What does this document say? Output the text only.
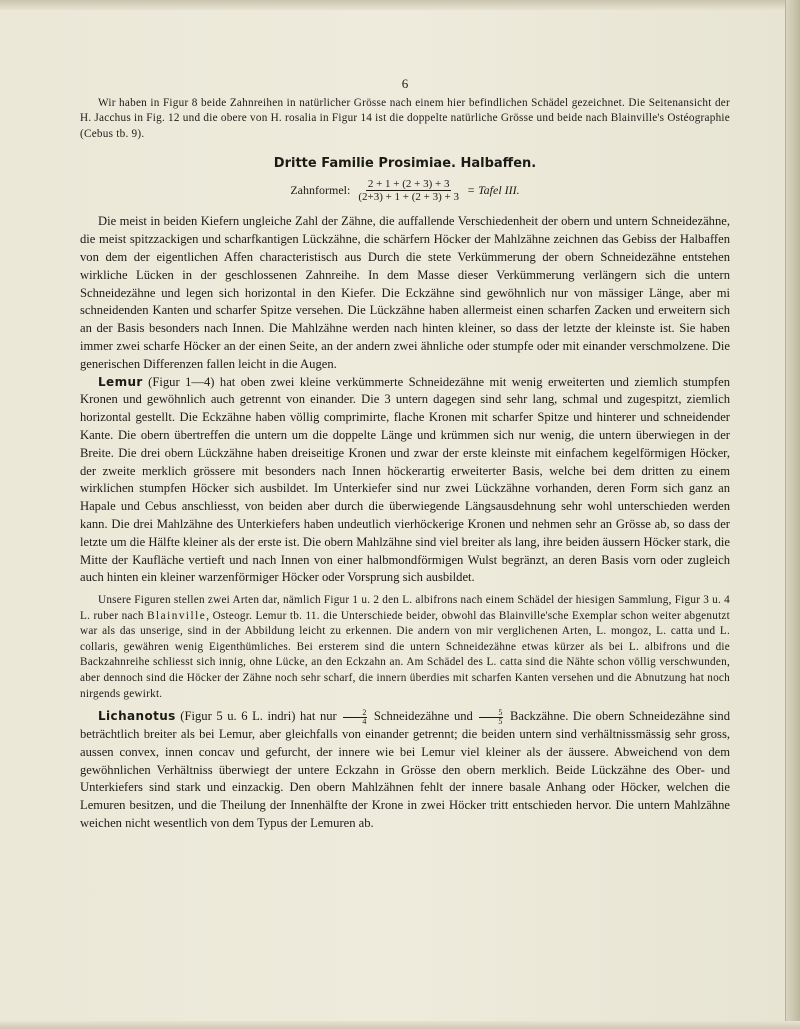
6

Wir haben in Figur 8 beide Zahnreihen in natürlicher Grösse nach einem hier befindlichen Schädel gezeichnet. Die Seitenansicht der H. Jacchus in Fig. 12 und die obere von H. rosalia in Figur 14 ist die doppelte natürliche Grösse und beide nach Blainville's Ostéographie (Cebus tb. 9).

Dritte Familie Prosimiae. Halbaffen.
Zahnformel: $\frac{2 + 1 + (2 + 3) + 3}{(2+3) + 1 + (2 + 3) + 3}$ = Tafel III.

Die meist in beiden Kiefern ungleiche Zahl der Zähne, die auffallende Verschiedenheit der obern und untern Schneidezähne, die meist spitzzackigen und scharfkantigen Lückzähne, die schärfern Höcker der Mahlzähne zeichnen das Gebiss der Halbaffen von dem der eigentlichen Affen characteristisch aus Durch die stete Verkümmerung der obern Schneidezähne entstehen wirkliche Lücken in der geschlossenen Zahnreihe. In dem Masse dieser Verkümmerung verlängern sich die untern Schneidezähne und legen sich horizontal in den Kiefer. Die Eckzähne sind gewöhnlich nur von mässiger Länge, aber mi schneidenden Kanten und scharfer Spitze versehen. Die Lückzähne haben allermeist einen scharfen Zacken und erweitern sich an der Basis besonders nach Innen. Die Mahlzähne werden nach hinten kleiner, so dass der letzte der kleinste ist. Sie haben immer zwei scharfe Höcker an der einen Seite, an der andern zwei ähnliche oder stumpfe oder mit einander verschmolzene. Die generischen Differenzen fallen leicht in die Augen.

Lemur (Figur 1—4) hat oben zwei kleine verkümmerte Schneidezähne mit wenig erweiterten und ziemlich stumpfen Kronen und gewöhnlich auch getrennt von einander. Die 3 untern dagegen sind sehr lang, schmal und zugespitzt, ziemlich horizontal gestellt. Die Eckzähne haben völlig comprimirte, flache Kronen mit scharfer Spitze und hinterer und schneidender Kante. Die obern übertreffen die untern um die doppelte Länge und krümmen sich nur wenig, die untern überwiegen in der Breite. Die drei obern Lückzähne haben dreiseitige Kronen und zwar der erste kleinste mit einfachem kegelförmigen Höcker, der zweite merklich grössere mit besonders nach Innen höckerartig erweiterter Basis, welche bei dem dritten zu einem wirklichen stumpfen Höcker sich ausbildet. Im Unterkiefer sind nur zwei Lückzähne vorhanden, deren Form sich ganz an Hapale und Cebus anschliesst, von beiden aber durch die überwiegende Längsausdehnung sehr wohl unterschieden werden kann. Die drei Mahlzähne des Unterkiefers haben undeutlich vierhöckerige Kronen und nehmen sehr an Grösse ab, so dass der letzte um die Hälfte kleiner als der erste ist. Die obern Mahlzähne sind viel breiter als lang, ihre beiden äussern Höcker stark, die Mitte der Kaufläche vertieft und nach Innen von einer halbmondförmigen Wulst begränzt, an deren Basis vorn oder zugleich auch hinten ein kleiner warzenförmiger Höcker oder Vorsprung sich ausbildet.

Unsere Figuren stellen zwei Arten dar, nämlich Figur 1 u. 2 den L. albifrons nach einem Schädel der hiesigen Sammlung, Figur 3 u. 4 L. ruber nach Blainville, Osteogr. Lemur tb. 11. die Unterschiede beider, obwohl das Blainville'sche Exemplar schon weiter abgenutzt war als das unserige, sind in der Abbildung leicht zu erkennen. Die andern von mir verglichenen Arten, L. mongoz, L. catta und L. collaris, gewähren wenig Eigenthümliches. Bei ersterem sind die untern Schneidezähne etwas kürzer als bei L. albifrons und die Backzahnreihe schliesst sich innig, ohne Lücke, an den Eckzahn an. Am Schädel des L. catta sind die Nähte schon völlig verschwunden, aber dennoch sind die Höcker der Zähne noch sehr scharf, die innern überdies mit scharfen Kanten versehen und die Abnutzung hat noch nirgends gewirkt.

Lichanotus (Figur 5 u. 6 L. indri) hat nur $\frac{2}{4}$ Schneidezähne und $\frac{5}{5}$ Backzähne. Die obern Schneidezähne sind beträchtlich breiter als bei Lemur, aber gleichfalls von einander getrennt; die beiden untern sind verhältnissmässig sehr gross, aussen convex, innen concav und gefurcht, der innere wie bei Lemur viel kleiner als der äussere. Abweichend von dem gewöhnlichen Verhältniss überwiegt der untere Eckzahn in Grösse den obern merklich. Beide Lückzähne des Ober- und Unterkiefers sind stark und einzackig. Den obern Mahlzähnen fehlt der innere basale Anhang oder Höcker, welchen die Lemuren besitzen, und die Theilung der Innenhälfte der Krone in zwei Höcker tritt entschieden hervor. Die untern Mahlzähne weichen nicht wesentlich von dem Typus der Lemuren ab.
